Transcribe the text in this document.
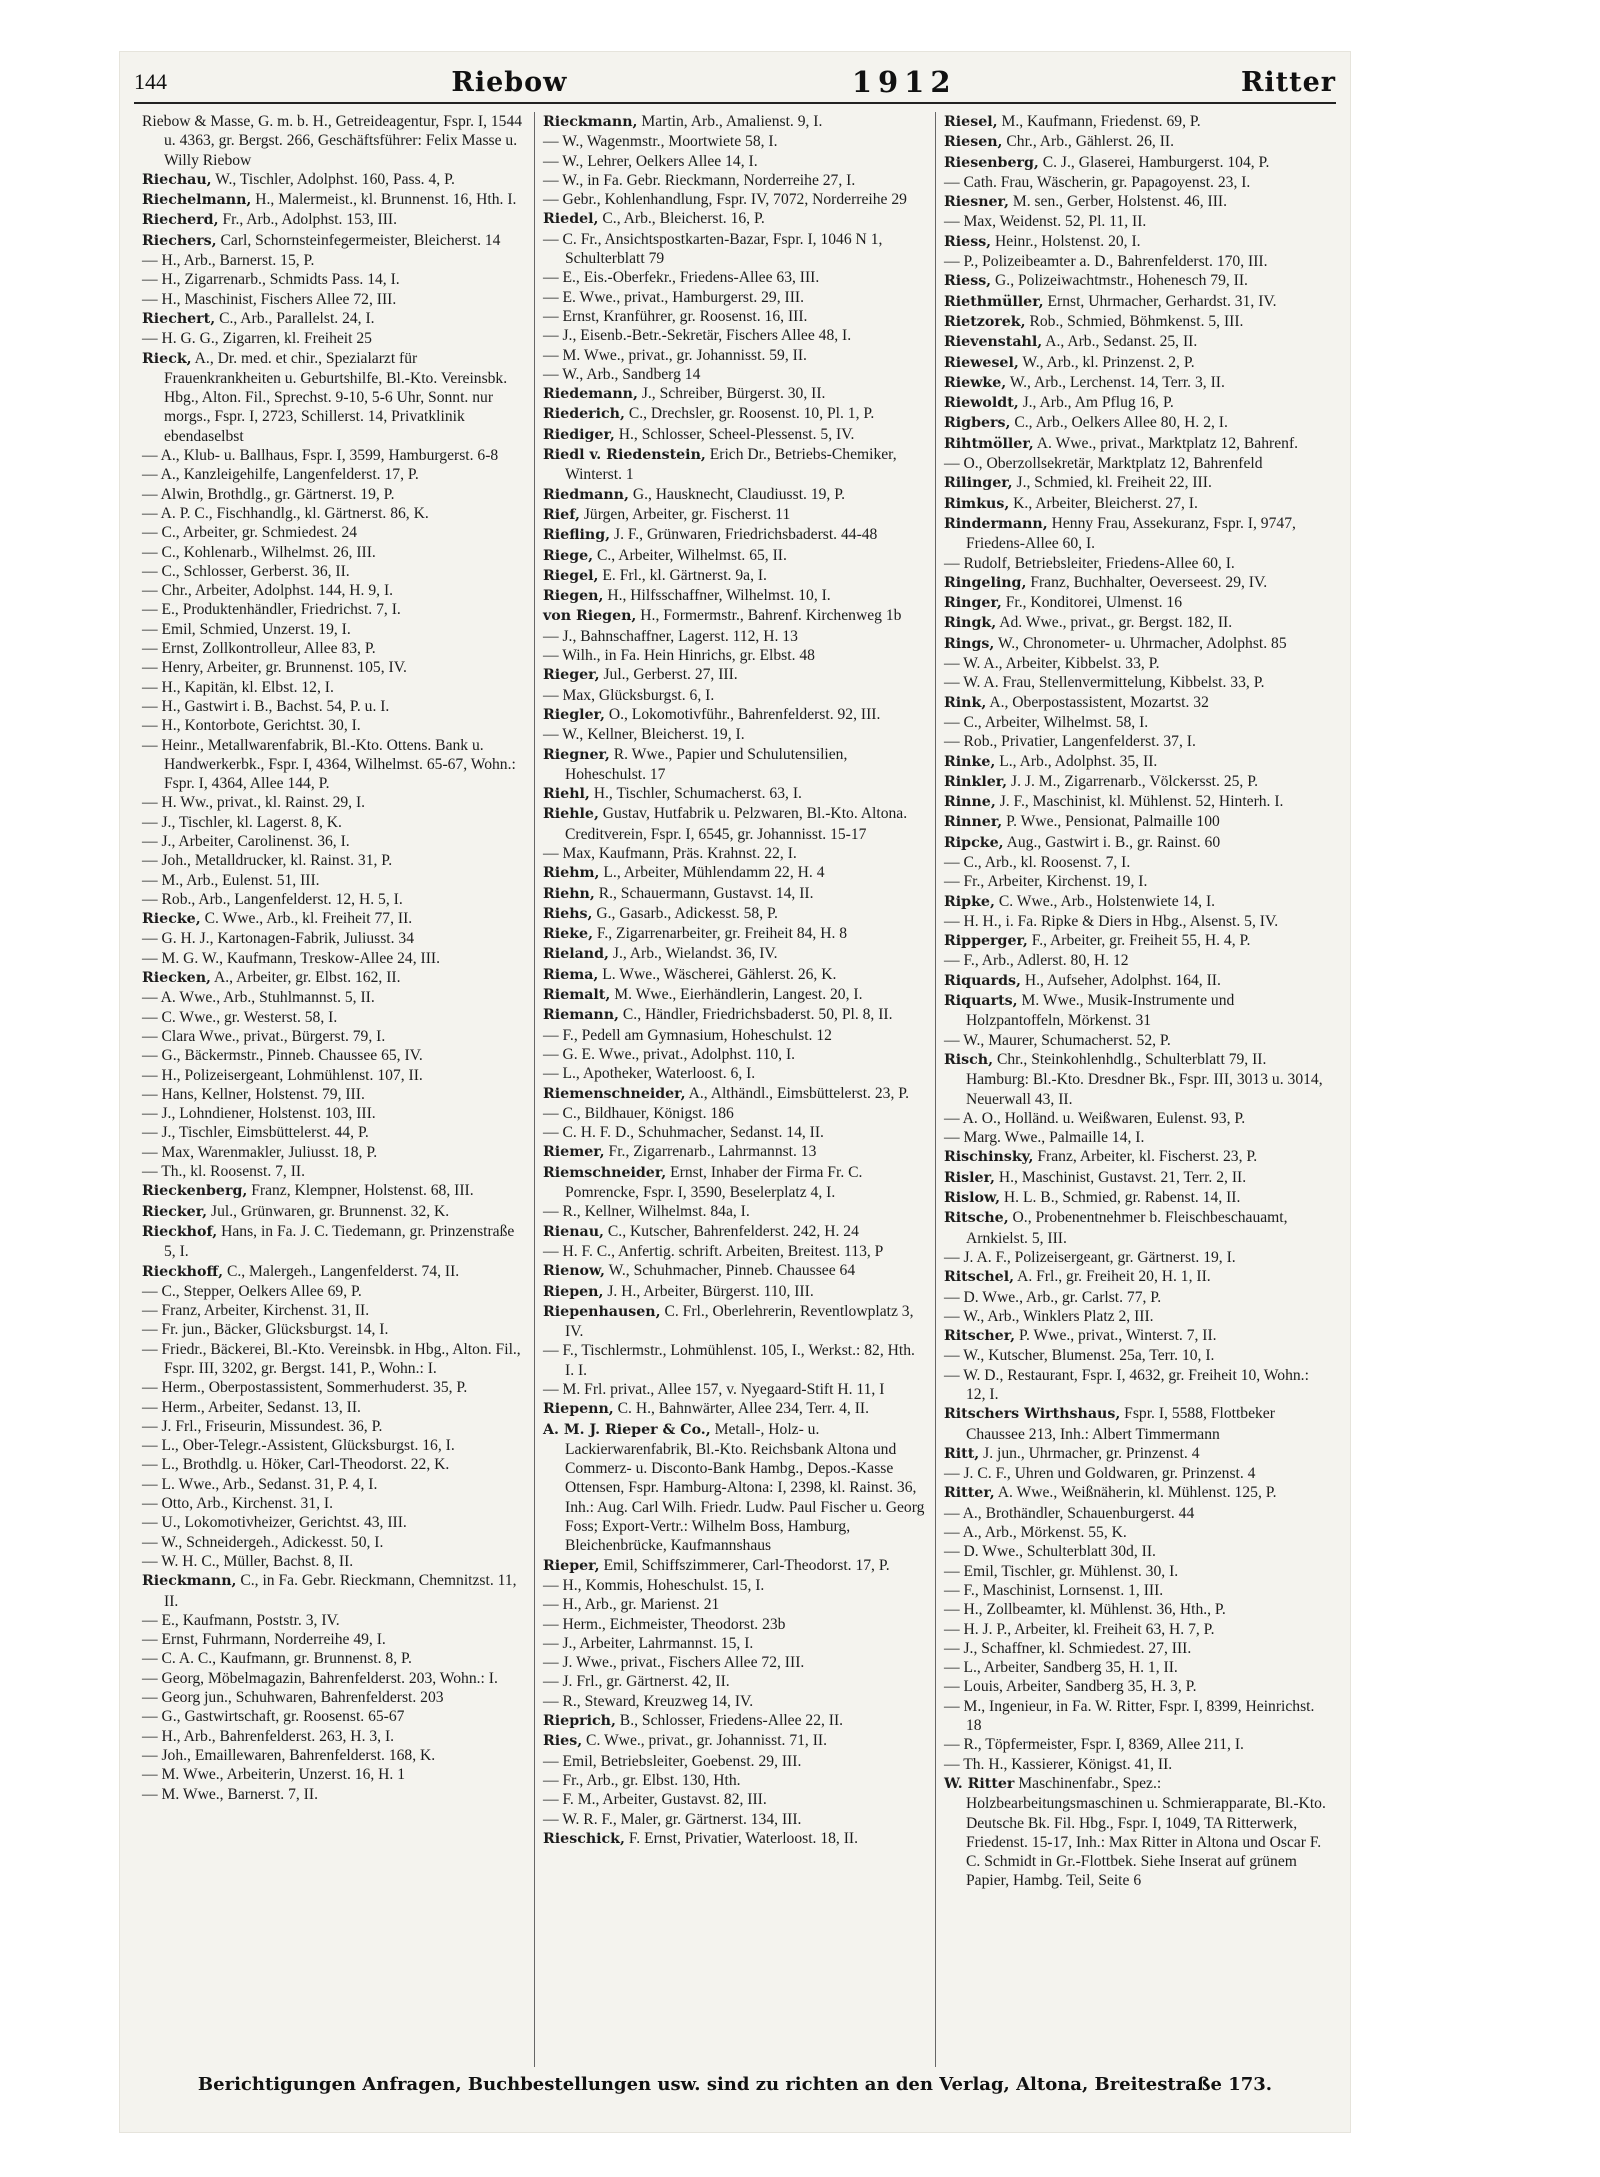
144	Riebow	1912	Ritter

Riebow & Masse, G. m. b. H., Getreideagentur, Fspr. I, 1544 u. 4363, gr. Bergst. 266, Geschäftsführer: Felix Masse u. Willy Riebow

Riechau, W., Tischler, Adolphst. 160, Pass. 4, P.

Riechelmann, H., Malermeist., kl. Brunnenst. 16, Hth. I.

Riecherd, Fr., Arb., Adolphst. 153, III.

Riechers, Carl, Schornsteinfegermeister, Bleicherst. 14

— H., Arb., Barnerst. 15, P.

— H., Zigarrenarb., Schmidts Pass. 14, I.

— H., Maschinist, Fischers Allee 72, III.

Riechert, C., Arb., Parallelst. 24, I.

— H. G. G., Zigarren, kl. Freiheit 25

Rieck, A., Dr. med. et chir., Spezialarzt für Frauenkrankheiten u. Geburtshilfe, Bl.-Kto. Vereinsbk. Hbg., Alton. Fil., Sprechst. 9-10, 5-6 Uhr, Sonnt. nur morgs., Fspr. I, 2723, Schillerst. 14, Privatklinik ebendaselbst

— A., Klub- u. Ballhaus, Fspr. I, 3599, Hamburgerst. 6-8

— A., Kanzleigehilfe, Langenfelderst. 17, P.

— Alwin, Brothdlg., gr. Gärtnerst. 19, P.

— A. P. C., Fischhandlg., kl. Gärtnerst. 86, K.

— C., Arbeiter, gr. Schmiedest. 24

— C., Kohlenarb., Wilhelmst. 26, III.

— C., Schlosser, Gerberst. 36, II.

— Chr., Arbeiter, Adolphst. 144, H. 9, I.

— E., Produktenhändler, Friedrichst. 7, I.

— Emil, Schmied, Unzerst. 19, I.

— Ernst, Zollkontrolleur, Allee 83, P.

— Henry, Arbeiter, gr. Brunnenst. 105, IV.

— H., Kapitän, kl. Elbst. 12, I.

— H., Gastwirt i. B., Bachst. 54, P. u. I.

— H., Kontorbote, Gerichtst. 30, I.

— Heinr., Metallwarenfabrik, Bl.-Kto. Ottens. Bank u. Handwerkerbk., Fspr. I, 4364, Wilhelmst. 65-67, Wohn.: Fspr. I, 4364, Allee 144, P.

— H. Ww., privat., kl. Rainst. 29, I.

— J., Tischler, kl. Lagerst. 8, K.

— J., Arbeiter, Carolinenst. 36, I.

— Joh., Metalldrucker, kl. Rainst. 31, P.

— M., Arb., Eulenst. 51, III.

— Rob., Arb., Langenfelderst. 12, H. 5, I.

Riecke, C. Wwe., Arb., kl. Freiheit 77, II.

— G. H. J., Kartonagen-Fabrik, Juliusst. 34

— M. G. W., Kaufmann, Treskow-Allee 24, III.

Riecken, A., Arbeiter, gr. Elbst. 162, II.

— A. Wwe., Arb., Stuhlmannst. 5, II.

— C. Wwe., gr. Westerst. 58, I.

— Clara Wwe., privat., Bürgerst. 79, I.

— G., Bäckermstr., Pinneb. Chaussee 65, IV.

— H., Polizeisergeant, Lohmühlenst. 107, II.

— Hans, Kellner, Holstenst. 79, III.

— J., Lohndiener, Holstenst. 103, III.

— J., Tischler, Eimsbüttelerst. 44, P.

— Max, Warenmakler, Juliusst. 18, P.

— Th., kl. Roosenst. 7, II.

Rieckenberg, Franz, Klempner, Holstenst. 68, III.

Riecker, Jul., Grünwaren, gr. Brunnenst. 32, K.

Rieckhof, Hans, in Fa. J. C. Tiedemann, gr. Prinzenstraße 5, I.

Rieckhoff, C., Malergeh., Langenfelderst. 74, II.

— C., Stepper, Oelkers Allee 69, P.

— Franz, Arbeiter, Kirchenst. 31, II.

— Fr. jun., Bäcker, Glücksburgst. 14, I.

— Friedr., Bäckerei, Bl.-Kto. Vereinsbk. in Hbg., Alton. Fil., Fspr. III, 3202, gr. Bergst. 141, P., Wohn.: I.

— Herm., Oberpostassistent, Sommerhuderst. 35, P.

— Herm., Arbeiter, Sedanst. 13, II.

— J. Frl., Friseurin, Missundest. 36, P.

— L., Ober-Telegr.-Assistent, Glücksburgst. 16, I.

— L., Brothdlg. u. Höker, Carl-Theodorst. 22, K.

— L. Wwe., Arb., Sedanst. 31, P. 4, I.

— Otto, Arb., Kirchenst. 31, I.

— U., Lokomotivheizer, Gerichtst. 43, III.

— W., Schneidergeh., Adickesst. 50, I.

— W. H. C., Müller, Bachst. 8, II.

Rieckmann, C., in Fa. Gebr. Rieckmann, Chemnitzst. 11, II.

— E., Kaufmann, Poststr. 3, IV.

— Ernst, Fuhrmann, Norderreihe 49, I.

— C. A. C., Kaufmann, gr. Brunnenst. 8, P.

— Georg, Möbelmagazin, Bahrenfelderst. 203, Wohn.: I.

— Georg jun., Schuhwaren, Bahrenfelderst. 203

— G., Gastwirtschaft, gr. Roosenst. 65-67

— H., Arb., Bahrenfelderst. 263, H. 3, I.

— Joh., Emaillewaren, Bahrenfelderst. 168, K.

— M. Wwe., Arbeiterin, Unzerst. 16, H. 1

— M. Wwe., Barnerst. 7, II.

Rieckmann, Martin, Arb., Amalienst. 9, I.

— W., Wagenmstr., Moortwiete 58, I.

— W., Lehrer, Oelkers Allee 14, I.

— W., in Fa. Gebr. Rieckmann, Norderreihe 27, I.

— Gebr., Kohlenhandlung, Fspr. IV, 7072, Norderreihe 29

Riedel, C., Arb., Bleicherst. 16, P.

— C. Fr., Ansichtspostkarten-Bazar, Fspr. I, 1046 N 1, Schulterblatt 79

— E., Eis.-Oberfekr., Friedens-Allee 63, III.

— E. Wwe., privat., Hamburgerst. 29, III.

— Ernst, Kranführer, gr. Roosenst. 16, III.

— J., Eisenb.-Betr.-Sekretär, Fischers Allee 48, I.

— M. Wwe., privat., gr. Johannisst. 59, II.

— W., Arb., Sandberg 14

Riedemann, J., Schreiber, Bürgerst. 30, II.

Riederich, C., Drechsler, gr. Roosenst. 10, Pl. 1, P.

Riediger, H., Schlosser, Scheel-Plessenst. 5, IV.

Riedl v. Riedenstein, Erich Dr., Betriebs-Chemiker, Winterst. 1

Riedmann, G., Hausknecht, Claudiusst. 19, P.

Rief, Jürgen, Arbeiter, gr. Fischerst. 11

Riefling, J. F., Grünwaren, Friedrichsbaderst. 44-48

Riege, C., Arbeiter, Wilhelmst. 65, II.

Riegel, E. Frl., kl. Gärtnerst. 9a, I.

Riegen, H., Hilfsschaffner, Wilhelmst. 10, I.

von Riegen, H., Formermstr., Bahrenf. Kirchenweg 1b

— J., Bahnschaffner, Lagerst. 112, H. 13

— Wilh., in Fa. Hein Hinrichs, gr. Elbst. 48

Rieger, Jul., Gerberst. 27, III.

— Max, Glücksburgst. 6, I.

Riegler, O., Lokomotivführ., Bahrenfelderst. 92, III.

— W., Kellner, Bleicherst. 19, I.

Riegner, R. Wwe., Papier und Schulutensilien, Hoheschulst. 17

Riehl, H., Tischler, Schumacherst. 63, I.

Riehle, Gustav, Hutfabrik u. Pelzwaren, Bl.-Kto. Altona. Creditverein, Fspr. I, 6545, gr. Johannisst. 15-17

— Max, Kaufmann, Präs. Krahnst. 22, I.

Riehm, L., Arbeiter, Mühlendamm 22, H. 4

Riehn, R., Schauermann, Gustavst. 14, II.

Riehs, G., Gasarb., Adickesst. 58, P.

Rieke, F., Zigarrenarbeiter, gr. Freiheit 84, H. 8

Rieland, J., Arb., Wielandst. 36, IV.

Riema, L. Wwe., Wäscherei, Gählerst. 26, K.

Riemalt, M. Wwe., Eierhändlerin, Langest. 20, I.

Riemann, C., Händler, Friedrichsbaderst. 50, Pl. 8, II.

— F., Pedell am Gymnasium, Hoheschulst. 12

— G. E. Wwe., privat., Adolphst. 110, I.

— L., Apotheker, Waterloost. 6, I.

Riemenschneider, A., Althändl., Eimsbüttelerst. 23, P.

— C., Bildhauer, Königst. 186

— C. H. F. D., Schuhmacher, Sedanst. 14, II.

Riemer, Fr., Zigarrenarb., Lahrmannst. 13

Riemschneider, Ernst, Inhaber der Firma Fr. C. Pomrencke, Fspr. I, 3590, Beselerplatz 4, I.

— R., Kellner, Wilhelmst. 84a, I.

Rienau, C., Kutscher, Bahrenfelderst. 242, H. 24

— H. F. C., Anfertig. schrift. Arbeiten, Breitest. 113, P

Rienow, W., Schuhmacher, Pinneb. Chaussee 64

Riepen, J. H., Arbeiter, Bürgerst. 110, III.

Riepenhausen, C. Frl., Oberlehrerin, Reventlowplatz 3, IV.

— F., Tischlermstr., Lohmühlenst. 105, I., Werkst.: 82, Hth. I. I.

— M. Frl. privat., Allee 157, v. Nyegaard-Stift H. 11, I

Riepenn, C. H., Bahnwärter, Allee 234, Terr. 4, II.

A. M. J. Rieper & Co., Metall-, Holz- u. Lackierwarenfabrik, Bl.-Kto. Reichsbank Altona und Commerz- u. Disconto-Bank Hambg., Depos.-Kasse Ottensen, Fspr. Hamburg-Altona: I, 2398, kl. Rainst. 36, Inh.: Aug. Carl Wilh. Friedr. Ludw. Paul Fischer u. Georg Foss; Export-Vertr.: Wilhelm Boss, Hamburg, Bleichenbrücke, Kaufmannshaus

Rieper, Emil, Schiffszimmerer, Carl-Theodorst. 17, P.

— H., Kommis, Hoheschulst. 15, I.

— H., Arb., gr. Marienst. 21

— Herm., Eichmeister, Theodorst. 23b

— J., Arbeiter, Lahrmannst. 15, I.

— J. Wwe., privat., Fischers Allee 72, III.

— J. Frl., gr. Gärtnerst. 42, II.

— R., Steward, Kreuzweg 14, IV.

Rieprich, B., Schlosser, Friedens-Allee 22, II.

Ries, C. Wwe., privat., gr. Johannisst. 71, II.

— Emil, Betriebsleiter, Goebenst. 29, III.

— Fr., Arb., gr. Elbst. 130, Hth.

— F. M., Arbeiter, Gustavst. 82, III.

— W. R. F., Maler, gr. Gärtnerst. 134, III.

Rieschick, F. Ernst, Privatier, Waterloost. 18, II.

Riesel, M., Kaufmann, Friedenst. 69, P.

Riesen, Chr., Arb., Gählerst. 26, II.

Riesenberg, C. J., Glaserei, Hamburgerst. 104, P.

— Cath. Frau, Wäscherin, gr. Papagoyenst. 23, I.

Riesner, M. sen., Gerber, Holstenst. 46, III.

— Max, Weidenst. 52, Pl. 11, II.

Riess, Heinr., Holstenst. 20, I.

— P., Polizeibeamter a. D., Bahrenfelderst. 170, III.

Riess, G., Polizeiwachtmstr., Hohenesch 79, II.

Riethmüller, Ernst, Uhrmacher, Gerhardst. 31, IV.

Rietzorek, Rob., Schmied, Böhmkenst. 5, III.

Rievenstahl, A., Arb., Sedanst. 25, II.

Riewesel, W., Arb., kl. Prinzenst. 2, P.

Riewke, W., Arb., Lerchenst. 14, Terr. 3, II.

Riewoldt, J., Arb., Am Pflug 16, P.

Rigbers, C., Arb., Oelkers Allee 80, H. 2, I.

Rihtmöller, A. Wwe., privat., Marktplatz 12, Bahrenf.

— O., Oberzollsekretär, Marktplatz 12, Bahrenfeld

Rilinger, J., Schmied, kl. Freiheit 22, III.

Rimkus, K., Arbeiter, Bleicherst. 27, I.

Rindermann, Henny Frau, Assekuranz, Fspr. I, 9747, Friedens-Allee 60, I.

— Rudolf, Betriebsleiter, Friedens-Allee 60, I.

Ringeling, Franz, Buchhalter, Oeverseest. 29, IV.

Ringer, Fr., Konditorei, Ulmenst. 16

Ringk, Ad. Wwe., privat., gr. Bergst. 182, II.

Rings, W., Chronometer- u. Uhrmacher, Adolphst. 85

— W. A., Arbeiter, Kibbelst. 33, P.

— W. A. Frau, Stellenvermittelung, Kibbelst. 33, P.

Rink, A., Oberpostassistent, Mozartst. 32

— C., Arbeiter, Wilhelmst. 58, I.

— Rob., Privatier, Langenfelderst. 37, I.

Rinke, L., Arb., Adolphst. 35, II.

Rinkler, J. J. M., Zigarrenarb., Völckersst. 25, P.

Rinne, J. F., Maschinist, kl. Mühlenst. 52, Hinterh. I.

Rinner, P. Wwe., Pensionat, Palmaille 100

Ripcke, Aug., Gastwirt i. B., gr. Rainst. 60

— C., Arb., kl. Roosenst. 7, I.

— Fr., Arbeiter, Kirchenst. 19, I.

Ripke, C. Wwe., Arb., Holstenwiete 14, I.

— H. H., i. Fa. Ripke & Diers in Hbg., Alsenst. 5, IV.

Ripperger, F., Arbeiter, gr. Freiheit 55, H. 4, P.

— F., Arb., Adlerst. 80, H. 12

Riquards, H., Aufseher, Adolphst. 164, II.

Riquarts, M. Wwe., Musik-Instrumente und Holzpantoffeln, Mörkenst. 31

— W., Maurer, Schumacherst. 52, P.

Risch, Chr., Steinkohlenhdlg., Schulterblatt 79, II. Hamburg: Bl.-Kto. Dresdner Bk., Fspr. III, 3013 u. 3014, Neuerwall 43, II.

— A. O., Holländ. u. Weißwaren, Eulenst. 93, P.

— Marg. Wwe., Palmaille 14, I.

Rischinsky, Franz, Arbeiter, kl. Fischerst. 23, P.

Risler, H., Maschinist, Gustavst. 21, Terr. 2, II.

Rislow, H. L. B., Schmied, gr. Rabenst. 14, II.

Ritsche, O., Probenentnehmer b. Fleischbeschauamt, Arnkielst. 5, III.

— J. A. F., Polizeisergeant, gr. Gärtnerst. 19, I.

Ritschel, A. Frl., gr. Freiheit 20, H. 1, II.

— D. Wwe., Arb., gr. Carlst. 77, P.

— W., Arb., Winklers Platz 2, III.

Ritscher, P. Wwe., privat., Winterst. 7, II.

— W., Kutscher, Blumenst. 25a, Terr. 10, I.

— W. D., Restaurant, Fspr. I, 4632, gr. Freiheit 10, Wohn.: 12, I.

Ritschers Wirthshaus, Fspr. I, 5588, Flottbeker Chaussee 213, Inh.: Albert Timmermann

Ritt, J. jun., Uhrmacher, gr. Prinzenst. 4

— J. C. F., Uhren und Goldwaren, gr. Prinzenst. 4

Ritter, A. Wwe., Weißnäherin, kl. Mühlenst. 125, P.

— A., Brothändler, Schauenburgerst. 44

— A., Arb., Mörkenst. 55, K.

— D. Wwe., Schulterblatt 30d, II.

— Emil, Tischler, gr. Mühlenst. 30, I.

— F., Maschinist, Lornsenst. 1, III.

— H., Zollbeamter, kl. Mühlenst. 36, Hth., P.

— H. J. P., Arbeiter, kl. Freiheit 63, H. 7, P.

— J., Schaffner, kl. Schmiedest. 27, III.

— L., Arbeiter, Sandberg 35, H. 1, II.

— Louis, Arbeiter, Sandberg 35, H. 3, P.

— M., Ingenieur, in Fa. W. Ritter, Fspr. I, 8399, Heinrichst. 18

— R., Töpfermeister, Fspr. I, 8369, Allee 211, I.

— Th. H., Kassierer, Königst. 41, II.

W. Ritter Maschinenfabr., Spez.: Holzbearbeitungsmaschinen u. Schmierapparate, Bl.-Kto. Deutsche Bk. Fil. Hbg., Fspr. I, 1049, TA Ritterwerk, Friedenst. 15-17, Inh.: Max Ritter in Altona und Oscar F. C. Schmidt in Gr.-Flottbek. Siehe Inserat auf grünem Papier, Hambg. Teil, Seite 6

Berichtigungen Anfragen, Buchbestellungen usw. sind zu richten an den Verlag, Altona, Breitestraße 173.
